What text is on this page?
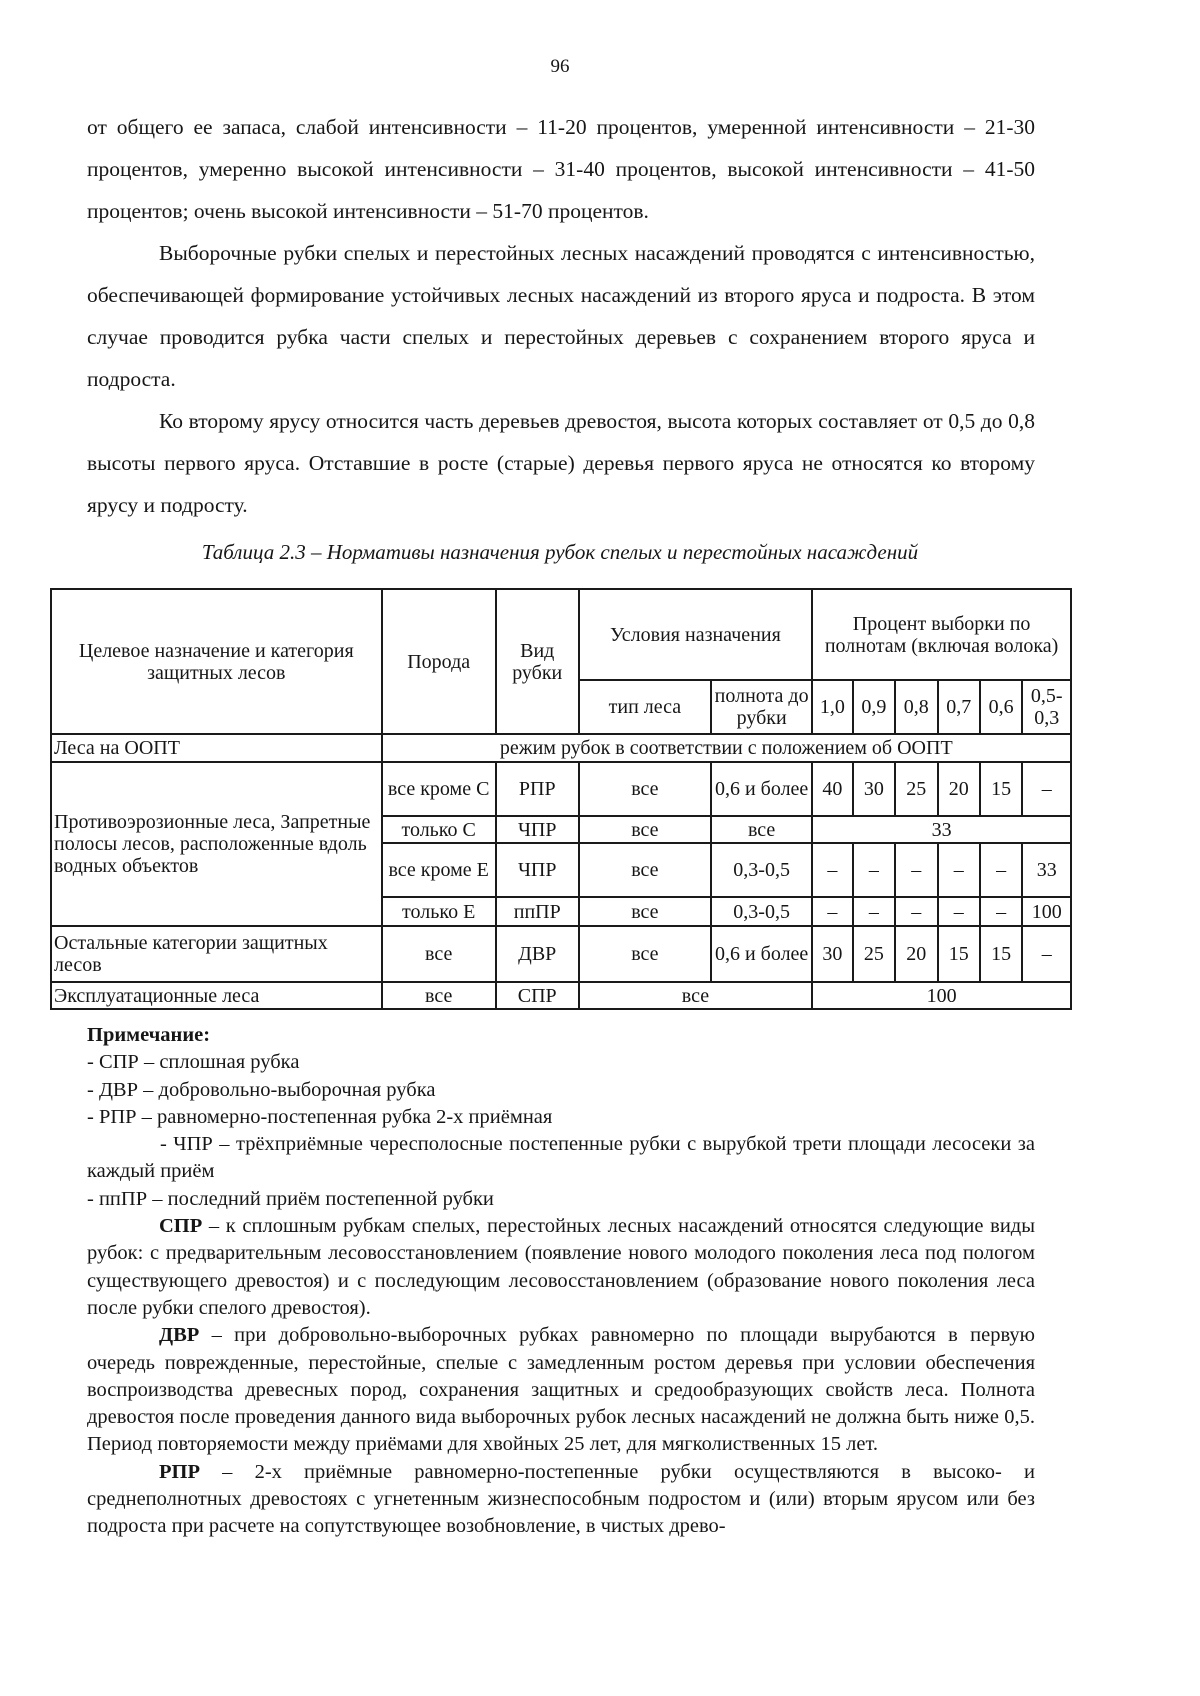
96

от общего ее запаса, слабой интенсивности – 11-20 процентов, умеренной интенсивности – 21-30 процентов, умеренно высокой интенсивности – 31-40 процентов, высокой интенсивности – 41-50 процентов; очень высокой интенсивности – 51-70 процентов.

Выборочные рубки спелых и перестойных лесных насаждений проводятся с интенсивностью, обеспечивающей формирование устойчивых лесных насаждений из второго яруса и подроста. В этом случае проводится рубка части спелых и перестойных деревьев с сохранением второго яруса и подроста.

Ко второму ярусу относится часть деревьев древостоя, высота которых составляет от 0,5 до 0,8 высоты первого яруса. Отставшие в росте (старые) деревья первого яруса не относятся ко второму ярусу и подросту.

Таблица 2.3 – Нормативы назначения рубок спелых и перестойных насаждений
Целевое назначение и категория защитных лесов	Порода	Вид рубки	Условия назначения		Процент выборки по полнотам (включая волока)					
			тип леса	полнота до рубки	1,0	0,9	0,8	0,7	0,6	0,5-0,3
Леса на ООПТ	режим рубок в соответствии с положением об ООПТ									
Противоэрозионные леса, Запретные полосы лесов, расположенные вдоль водных объектов	все кроме С	РПР	все	0,6 и более	40	30	25	20	15	–
	только С	ЧПР	все	все	33					
	все кроме Е	ЧПР	все	0,3-0,5	–	–	–	–	–	33
	только Е	ппПР	все	0,3-0,5	–	–	–	–	–	100
Остальные категории защитных лесов	все	ДВР	все	0,6 и более	30	25	20	15	15	–
Эксплуатационные леса	все	СПР	все		100					

Примечание:

- СПР – сплошная рубка

- ДВР – добровольно-выборочная рубка

- РПР – равномерно-постепенная рубка 2-х приёмная

- ЧПР – трёхприёмные чересполосные постепенные рубки с вырубкой трети площади лесосеки за каждый приём

- ппПР – последний приём постепенной рубки

СПР – к сплошным рубкам спелых, перестойных лесных насаждений относятся следующие виды рубок: с предварительным лесовосстановлением (появление нового молодого поколения леса под пологом существующего древостоя) и с последующим лесовосстановлением (образование нового поколения леса после рубки спелого древостоя).

ДВР – при добровольно-выборочных рубках равномерно по площади вырубаются в первую очередь поврежденные, перестойные, спелые с замедленным ростом деревья при условии обеспечения воспроизводства древесных пород, сохранения защитных и средообразующих свойств леса. Полнота древостоя после проведения данного вида выборочных рубок лесных насаждений не должна быть ниже 0,5. Период повторяемости между приёмами для хвойных 25 лет, для мягколиственных 15 лет.

РПР – 2-х приёмные равномерно-постепенные рубки осуществляются в высоко- и среднеполнотных древостоях с угнетенным жизнеспособным подростом и (или) вторым ярусом или без подроста при расчете на сопутствующее возобновление, в чистых древо-
